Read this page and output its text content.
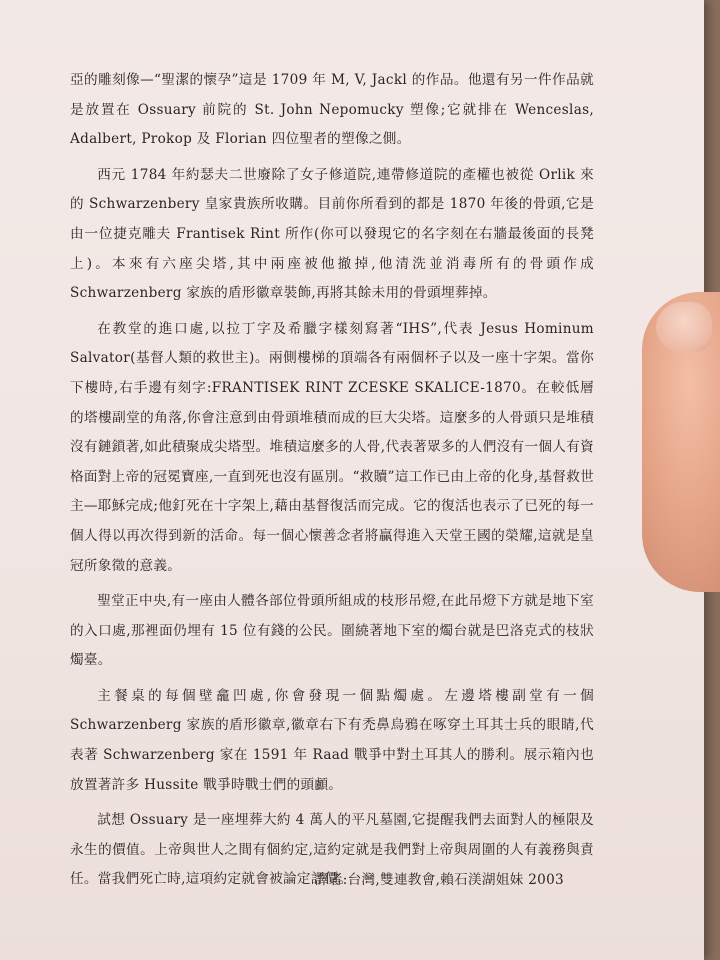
亞的雕刻像—“聖潔的懷孕”這是 1709 年 M, V, Jackl 的作品。他還有另一件作品就是放置在 Ossuary 前院的 St. John Nepomucky 塑像;它就排在 Wenceslas, Adalbert, Prokop 及 Florian 四位聖者的塑像之側。

西元 1784 年約瑟夫二世廢除了女子修道院,連帶修道院的產權也被從 Orlik 來的 Schwarzenbery 皇家貴族所收購。目前你所看到的都是 1870 年後的骨頭,它是由一位捷克雕夫 Frantisek Rint 所作(你可以發現它的名字刻在右牆最後面的長凳上)。本來有六座尖塔,其中兩座被他撤掉,他清洗並消毒所有的骨頭作成 Schwarzenberg 家族的盾形徽章裝飾,再將其餘未用的骨頭埋葬掉。

在教堂的進口處,以拉丁字及希臘字樣刻寫著“IHS”,代表 Jesus Hominum Salvator(基督人類的救世主)。兩側樓梯的頂端各有兩個杯子以及一座十字架。當你下樓時,右手邊有刻字:FRANTISEK RINT ZCESKE SKALICE-1870。在較低層的塔樓副堂的角落,你會注意到由骨頭堆積而成的巨大尖塔。這麼多的人骨頭只是堆積沒有鏈鎖著,如此積聚成尖塔型。堆積這麼多的人骨,代表著眾多的人們沒有一個人有資格面對上帝的冠冕寶座,一直到死也沒有區別。“救贖”這工作已由上帝的化身,基督救世主—耶穌完成;他釘死在十字架上,藉由基督復活而完成。它的復活也表示了已死的每一個人得以再次得到新的活命。每一個心懷善念者將贏得進入天堂王國的榮耀,這就是皇冠所象徵的意義。

聖堂正中央,有一座由人體各部位骨頭所組成的枝形吊燈,在此吊燈下方就是地下室的入口處,那裡面仍埋有 15 位有錢的公民。圍繞著地下室的燭台就是巴洛克式的枝狀燭臺。

主餐桌的每個壁龕凹處,你會發現一個點燭處。左邊塔樓副堂有一個 Schwarzenberg 家族的盾形徽章,徽章右下有禿鼻烏鴉在啄穿土耳其士兵的眼睛,代表著 Schwarzenberg 家在 1591 年 Raad 戰爭中對土耳其人的勝利。展示箱內也放置著許多 Hussite 戰爭時戰士們的頭顱。

試想 Ossuary 是一座埋葬大約 4 萬人的平凡墓園,它提醒我們去面對人的極限及永生的價值。上帝與世人之間有個約定,這約定就是我們對上帝與周圍的人有義務與責任。當我們死亡時,這項約定就會被論定評價。

譯者:台灣,雙連教會,賴石渼湖姐妹 2003
